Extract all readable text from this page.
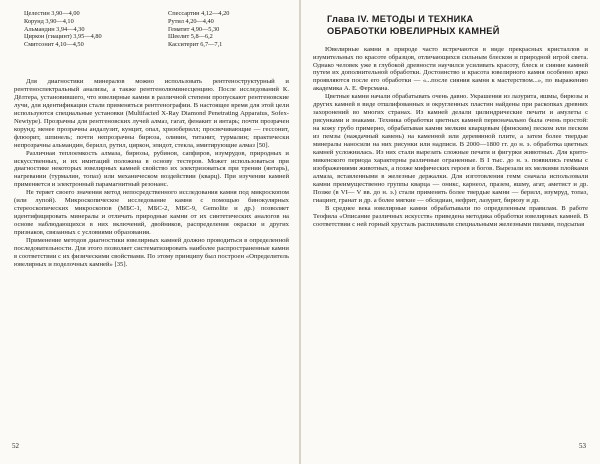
Целестин 3,90—4,00
Корунд 3,90—4,10
Альмандин 3,94—4,30
Циркон (гиацинт) 3,95—4,80
Смитсонит 4,10—4,50
Спессартин 4,12—4,20
Рутил 4,20—4,40
Гематит 4,90—5,30
Шеелит 5,8—6,2
Касситерит 6,7—7,1

Для диагностики минералов можно использовать рентгеноструктурный и рентгеноспектральный анализы, а также рентгенолюминесценцию. После исследований К. Дёлтера, установившего, что ювелирные камни в различной степени пропускают рентгеновские лучи, для идентификации стали применяться рентгенографии. В настоящее время для этой цели используются специальные установки (Multifacted X-Ray Diamond Penetrating Apparatus, Sofex-Newtype). Прозрачны для рентгеновских лучей алмаз, гагат, фенакит и янтарь; почти прозрачен корунд; менее прозрачны андалузит, кунцит, опал, хризоберилл; просвечивающие — гессонит, флюорит, шпинель; почти непрозрачны бирюза, оливин, титанит, турмалин; практически непрозрачны альмандин, берилл, рутил, циркон, эпидот, стекла, имитирующие алмаз [50].

Различная теплоемкость алмаза, бирюзы, рубинов, сапфиров, изумрудов, природных и искусственных, и их имитаций положена в основу тестеров. Может использоваться при диагностике некоторых ювелирных камней свойство их электризоваться при трении (янтарь), нагревании (турмалин, топаз) или механическом воздействии (кварц). При изучении камней применяется и электронный парамагнитный резонанс.

Не теряет своего значения метод непосредственного исследования камня под микроскопом (или лупой). Микроскопическое исследование камня с помощью бинокулярных стереоскопических микроскопов (МБС-1, МБС-2, МБС-9, Gemolite и др.) позволяет идентифицировать минералы и отличать природные камни от их синтетических аналогов на основе наблюдающихся в них включений, двойников, распределения окраски и других признаков, связанных с условиями образования.

Применение методов диагностики ювелирных камней должно проводиться в определенной последовательности. Для этого позволяет систематизировать наиболее распространенные камни в соответствии с их физическими свойствами. По этому принципу был построен «Определитель ювелирных и поделочных камней» [35].

52
Глава IV. МЕТОДЫ И ТЕХНИКА
ОБРАБОТКИ ЮВЕЛИРНЫХ КАМНЕЙ

Ювелирные камни в природе часто встречаются в виде прекрасных кристаллов и изумительных по красоте образцов, отличающихся сильным блеском и природной игрой света. Однако человек уже в глубокой древности научился усиливать красоту, блеск и сияние камней путем их дополнительной обработки. Достоинство и красота ювелирного камня особенно ярко проявляются после его обработки — «...после сияния камня к мастерством...», по выражению академика А. Е. Ферсмана.

Цветные камни начали обрабатывать очень давно. Украшения из лазурита, яшмы, бирюзы и других камней в виде отшлифованных и округленных пластин найдены при раскопках древних захоронений во многих странах. Из камней делали цилиндрические печати и амулеты с рисунками и знаками. Техника обработки цветных камней первоначально была очень простой: на кожу грубо примерно, обрабатывая камни мелким кварцевым (финским) песком или песком из пемзы (наждачный камень) на каменной или деревянной плите, а затем более твердые минералы наносили на них рисунки или надписи. В 2000—1800 гг. до н. э. обработка цветных камней усложнилась. Из них стали вырезать сложные печати и фигурки животных. Для крито-микенского периода характерны различные ограненные. В I тыс. до н. э. появились геммы с изображениями животных, а позже мифических героев и богов. Вырезали их мелкими плойками алмаза, вставленными в железные держалки. Для изготовления гемм сначала использовали камни преимущественно группы кварца — оникс, карнеол, празем, яшму, агат, аметист и др. Позже (в VI— V вв. до н. э.) стали применять более твердые камни — берилл, изумруд, топаз, гиацинт, гранат и др. а более мягкие — обсидиан, нефрит, лазурит, бирюзу и др.

В среднее века ювелирные камни обрабатывали по определенным правилам. В работе Теофила «Описание различных искусств» приведена методика обработки ювелирных камней. В соответствии с ней горный хрусталь распиливали специальными железными пилами, подсыпая

53
